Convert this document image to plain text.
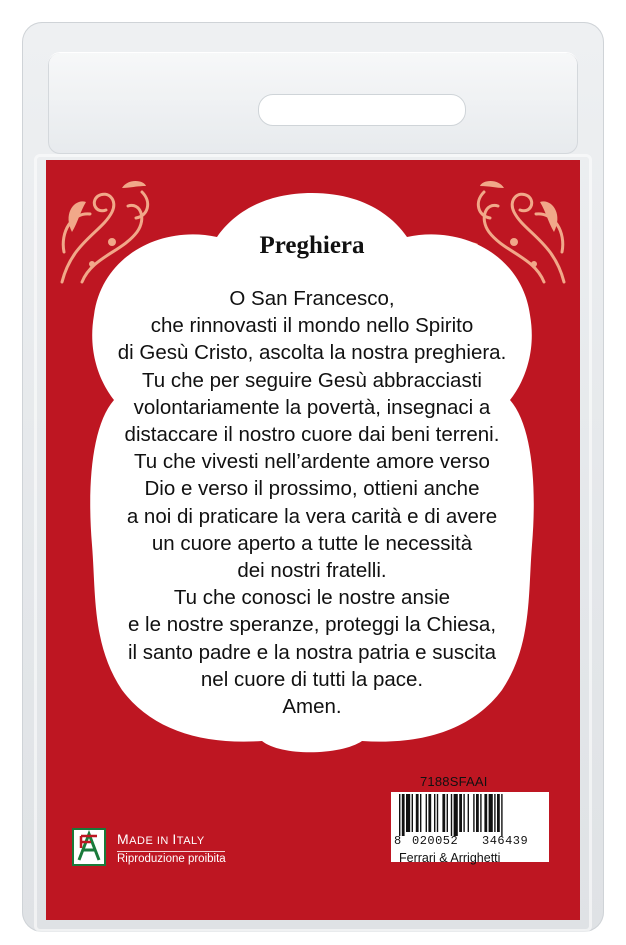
Preghiera
O San Francesco,
che rinnovasti il mondo nello Spirito
di Gesù Cristo, ascolta la nostra preghiera.
Tu che per seguire Gesù abbracciasti
volontariamente la povertà, insegnaci a
distaccare il nostro cuore dai beni terreni.
Tu che vivesti nell’ardente amore verso
Dio e verso il prossimo, ottieni anche
a noi di praticare la vera carità e di avere
un cuore aperto a tutte le necessità
dei nostri fratelli.
Tu che conosci le nostre ansie
e le nostre speranze, proteggi la Chiesa,
il santo padre e la nostra patria e suscita
nel cuore di tutti la pace.
Amen.
7188SFAAI
8 020052 346439
Ferrari & Arrighetti
MADE IN ITALY
Riproduzione proibita
